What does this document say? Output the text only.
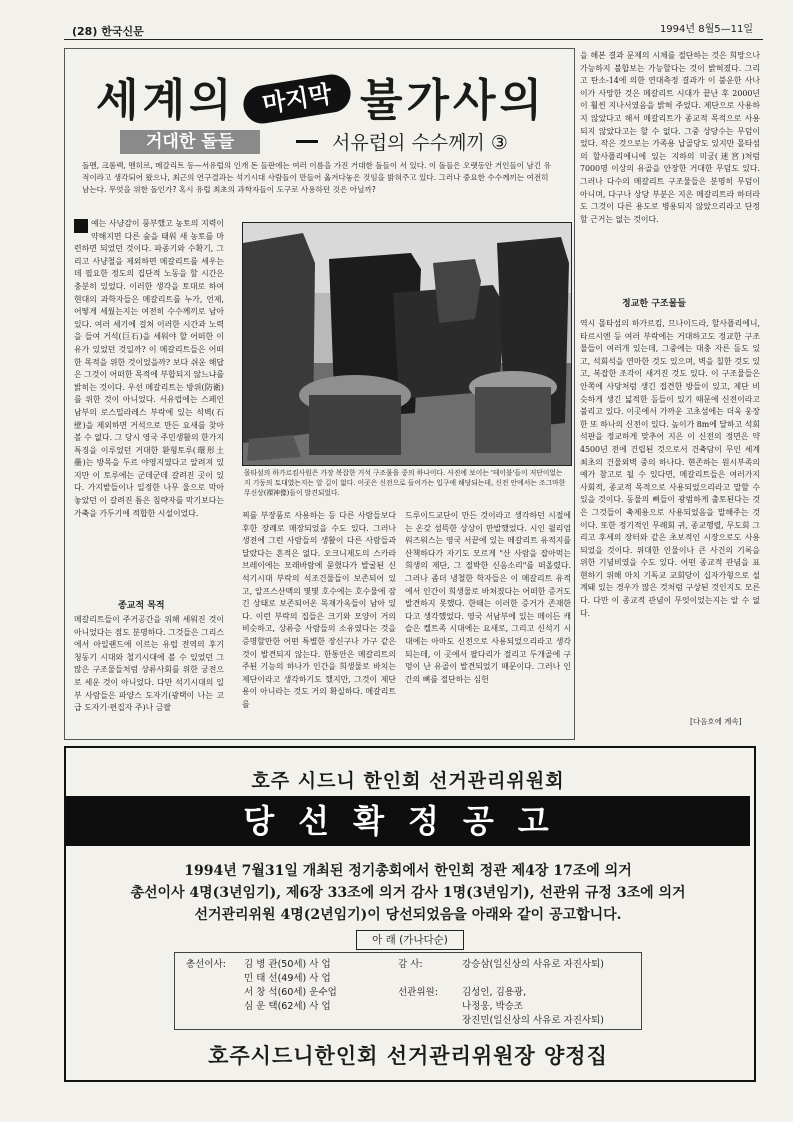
(28) 한국신문	1994년 8월5—11일
세계의	마지막 불가사의
거대한 돌들	서유럽의 수수께끼 ③

돌멘, 크롬렉, 멘히르, 메갈리트 등—서유럽의 인개 돈 들판에는 여러 이름을 가진 거대한 돌들이 서 있다. 이 돌들은 오랫동안 거인들이 남긴 유적이라고 생각되어 왔으나, 최근의 연구결과는 석기시대 사람들이 만들어 옮겨다놓은 것임을 밝혀주고 있다. 그러나 중요한 수수께끼는 여전히 남는다. 무엇을 위한 돌인가? 혹시 유럽 최초의 과학자들이 도구로 사용하던 것은 아닐까?

예는 사냥감이 풍부했고 농토의 지력이 약해지면 다른 숲을 태워 새 농토를 마련하면 되었던 것이다. 파종기와 수확기, 그리고 사냥철을 제외하면 메갈리트를 세우는 데 필요한 정도의 집단적 노동을 할 시간은 충분히 있었다. 이러한 생각을 토대로 하여 현대의 과학자들은 메갈리트를 누가, 언제, 어떻게 세웠는지는 여전히 수수께끼로 남아 있다. 여러 세기에 걸쳐 이러한 시간과 노력을 들여 거석(巨石)을 세워야 할 어떠한 이유가 있었던 것일까? 이 메갈리트들은 어떠한 목적을 위한 것이었을까? 보다 쉬운 해답은 그것이 어떠한 목적에 부합되지 않느냐를 밝히는 것이다. 우선 메갈리트는 방위(防衛)를 위한 것이 아니었다. 서유럽에는 스페인 남부의 로스밀라레스 부락에 있는 석벽(石壁)을 제외하면 거석으로 만든 요새를 찾아볼 수 없다. 그 당시 영국 주민생활의 한가지 특징을 이루었던 거대한 환형토루(環形土壘)는 방목을 두르 야영지였다고 알려져 있지만 이 토루에는 군데군데 갈려진 곳이 있다. 가지밭들이나 일정한 나무 울으로 막아 놓았던 이 갈려진 틈은 침략자를 막기보다는 가축을 가두기에 적합한 시설이었다.
종교적 목적

메갈리트들이 주거공간을 위해 세워진 것이 아니었다는 점도 분명하다. 그것들은 그리스에서 아일랜드에 이르는 유럽 전역의 후기 청동기 시대와 철기시대에 볼 수 있었던 그 많은 구조물들처럼 상류사회를 위한 궁전으로 세운 것이 아니었다. 다만 석기시대의 일부 사람들은 파양스 도자기(광택이 나는 고급 도자기·편집자 주)나 금팔

몰타섬의 하가르킴사원은 가장 복잡한 거석 구조물을 중의 하나이다. 사진에 보이는 '테이블'들이 저단이었는지 기둥의 토대였는지는 알 길이 없다. 이곳은 신전으로 들어가는 입구에 해당되는데, 신전 안에서는 조그마한 무신상(裸神像)들이 발견되었다.

찌를 부장품로 사용하는 등 다른 사람들보다 후한 장례로 매장되었을 수도 있다. 그러나 생전에 그런 사람들의 생활이 다른 사람들과 달랐다는 흔적은 없다. 오크니제도의 스카라브레이에는 모래바람에 묻혔다가 발굴된 신석기시대 부락의 석조건물들이 보존되어 있고, 알프스산맥의 몇몇 호수에는 호수물에 잠긴 상태로 보존되어온 목재가옥들이 남아 있다. 이런 부락의 집들은 크기와 모양이 거의 비슷하고, 상류층 사람들의 소유였다는 것을 증명할만한 어떤 특별한 장신구나 가구 같은 것이 발견되지 않는다. 한통안은 메갈리트의 주된 기능의 하나가 인간을 희생물로 바치는 제단이라고 생각하기도 했지만, 그것이 제단용이 아니라는 것도 거의 확실하다. 메갈리트를

드루이드교단이 만든 것이라고 생각하던 시절에는 온갖 섬뜩한 상상이 만발했었다. 시인 윌리엄 워즈워스는 영국 서끝에 있는 메갈리트 유적지를 산책하다가 자기도 모르게 "산 사람을 잡아먹는 희생의 제단, 그 절박한 신음소리"를 떠올렸다. 그러나 좀더 냉철한 학자들은 이 메갈리트 유적에서 인간이 희생물로 바쳐졌다는 어떠한 증거도 발견하지 못했다. 한때는 이러한 증거가 존재한다고 생각했었다. 영국 서남부에 있는 메이든 캐슬은 켈트족 시대에는 요새로, 그리고 신석기 시대에는 아마도 신전으로 사용되었으리라고 생각되는데, 이 곳에서 팔다리가 절리고 두개골에 구멍이 난 유골이 발견되었기 때문이다. 그러나 인간의 뼈를 절단하는 심헌

을 해본 결과 문제의 시체를 절단하는 것은 희망으나 가능하지 불합보는 가능할다는 것이 밝혀졌다. 그리고 탄소-14에 의한 연대측정 결과가 이 불운한 사나이가 사망한 것은 메갈리트 시대가 끝난 후 2000년이 훨씬 지나서였음을 밝혀 주었다. 제단으로 사용하지 않았다고 해서 메갈리트가 종교적 목적으로 사용되지 않았다고는 할 수 없다. 그중 상당수는 무덤이었다. 작은 것으로는 가족용 납골당도 있지만 몰타섬의 할사플리에니에 있는 지하의 미궁(迷宮)처럼 7000명 이상의 유골을 안장한 거대한 무덤도 있다. 그러나 다수의 메갈리트 구조물들은 분명히 무덤이 아니며, 다구나 상당 부분은 지은 메갈리트라 하더라도 그것이 다른 용도로 병용되지 않았으리라고 단정할 근거는 없는 것이다.

정교한 구조물들

역시 몰타섬의 하가르킴, 므나이드라, 할사플리에니, 타르시엔 등 여러 부락에는 거대하고도 정교한 구조물들이 여러개 있는데, 그중에는 대충 자른 돌도 있고, 석회석을 연마한 것도 있으며, 벽을 칠한 것도 있고, 복잡한 조각이 새겨진 것도 있다. 이 구조물들은 안쪽에 사당처럼 생긴 접견한 방들이 있고, 제단 비슷하게 생긴 넓적한 돌들이 있기 때문에 신전이라고 불리고 있다. 이곳에서 가까운 고초섬에는 더욱 웅장한 또 하나의 신전이 있다. 높이가 8m에 달하고 석회석판을 정교하게 맞추어 지은 이 신전의 정면은 약 4500년 전에 건립된 것으로서 건축담이 무인 세계 최초의 건물외벽 중의 하나다. 현존하는 원시부족의 예가 참고로 될 수 있다면, 메갈리트들은 여러가지 사회적, 종교적 목적으로 사용되었으리라고 말할 수 있을 것이다. 동물의 뼈들이 광범하게 출토된다는 것은 그것들이 축제용으로 사용되었음을 말해주는 것이다. 또한 정기적인 무례회 귀, 종교행렬, 무도회 그리고 후세의 장터와 같은 초보적인 시장으로도 사용되었을 것이다. 위대한 인물이나 큰 사건의 기록을 위한 기념비였을 수도 있다. 어떤 종교적 관념을 표현하기 위해 마치 기독교 교회당이 십자가형으로 설계돼 있는 경우가 많은 것처럼 구상된 것인지도 모른다. 다만 이 종교적 관념이 무엇이었는지는 알 수 없다.

[다음호에 계속]
호주 시드니 한인회 선거관리위원회
당선확정공고
1994년 7월31일 개최된 정기총회에서 한인회 정관 제4장 17조에 의거
총선이사 4명(3년임기), 제6장 33조에 의거 감사 1명(3년임기), 선관위 규정 3조에 의거
선거관리위원 4명(2년임기)이 당선되었음을 아래와 같이 공고합니다.
아 래 (가나다순)
총선이사: 김 병 관(50세) 사 업
민 태 선(49세) 사 업
서 창 석(60세) 운수업
심 운 택(62세) 사 업
감 사:	강승삼(일신상의 사유로 자진사퇴)
선관위원:	김성인, 김용광,
나정웅, 박승조
장진민(일신상의 사유로 자진사퇴)
호주시드니한인회 선거관리위원장 양정집
